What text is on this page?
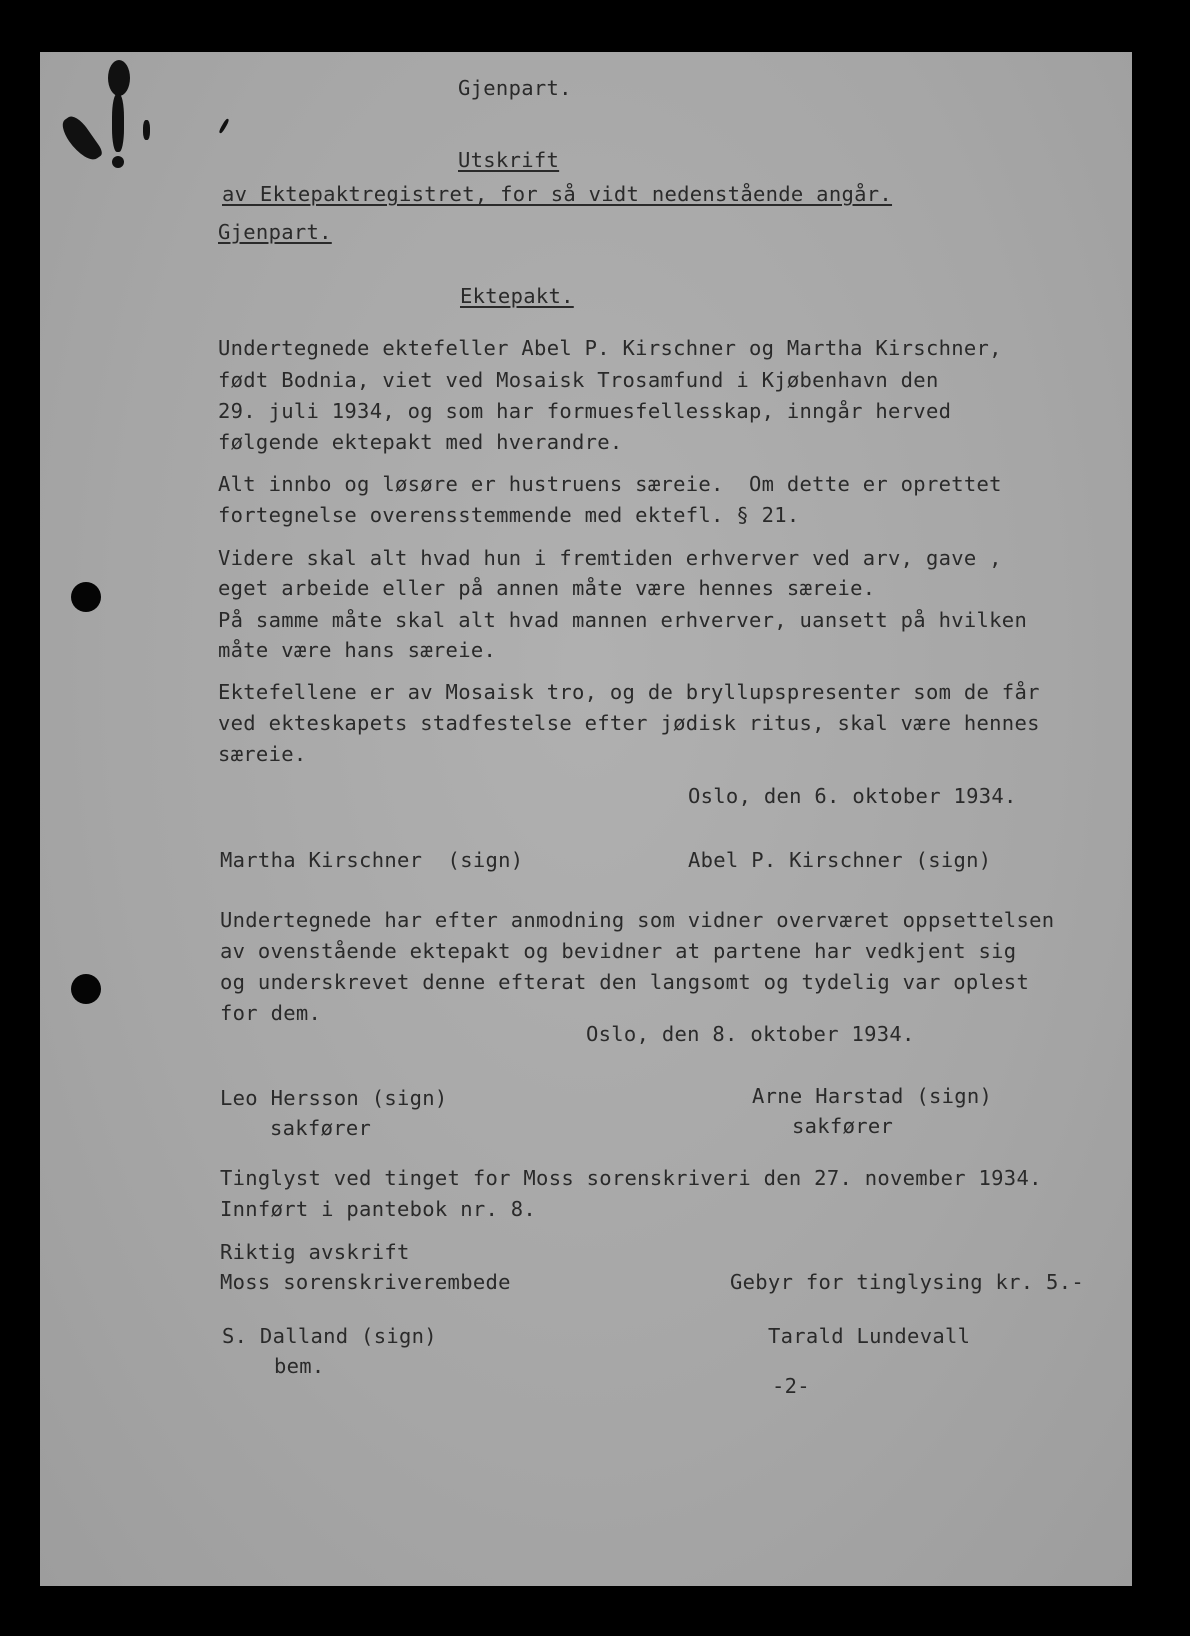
Gjenpart.
Utskrift
av Ektepaktregistret, for så vidt nedenstående angår.
Gjenpart.
Ektepakt.
Undertegnede ektefeller Abel P. Kirschner og Martha Kirschner,
født Bodnia, viet ved Mosaisk Trosamfund i Kjøbenhavn den
29. juli 1934, og som har formuesfellesskap, inngår herved
følgende ektepakt med hverandre.
Alt innbo og løsøre er hustruens særeie.  Om dette er oprettet
fortegnelse overensstemmende med ektefl. § 21.
Videre skal alt hvad hun i fremtiden erhverver ved arv, gave ,
eget arbeide eller på annen måte være hennes særeie.
På samme måte skal alt hvad mannen erhverver, uansett på hvilken
måte være hans særeie.
Ektefellene er av Mosaisk tro, og de bryllupspresenter som de får
ved ekteskapets stadfestelse efter jødisk ritus, skal være hennes
særeie.
Oslo, den 6. oktober 1934.
Martha Kirschner  (sign)	Abel P. Kirschner (sign)
Undertegnede har efter anmodning som vidner overværet oppsettelsen
av ovenstående ektepakt og bevidner at partene har vedkjent sig
og underskrevet denne efterat den langsomt og tydelig var oplest
for dem.
Oslo, den 8. oktober 1934.
Leo Hersson (sign)
sakfører
Arne Harstad (sign)
sakfører
Tinglyst ved tinget for Moss sorenskriveri den 27. november 1934.
Innført i pantebok nr. 8.
Riktig avskrift
Moss sorenskriverembede	Gebyr for tinglysing kr. 5.-
S. Dalland (sign)
bem.
Tarald Lundevall
-2-
